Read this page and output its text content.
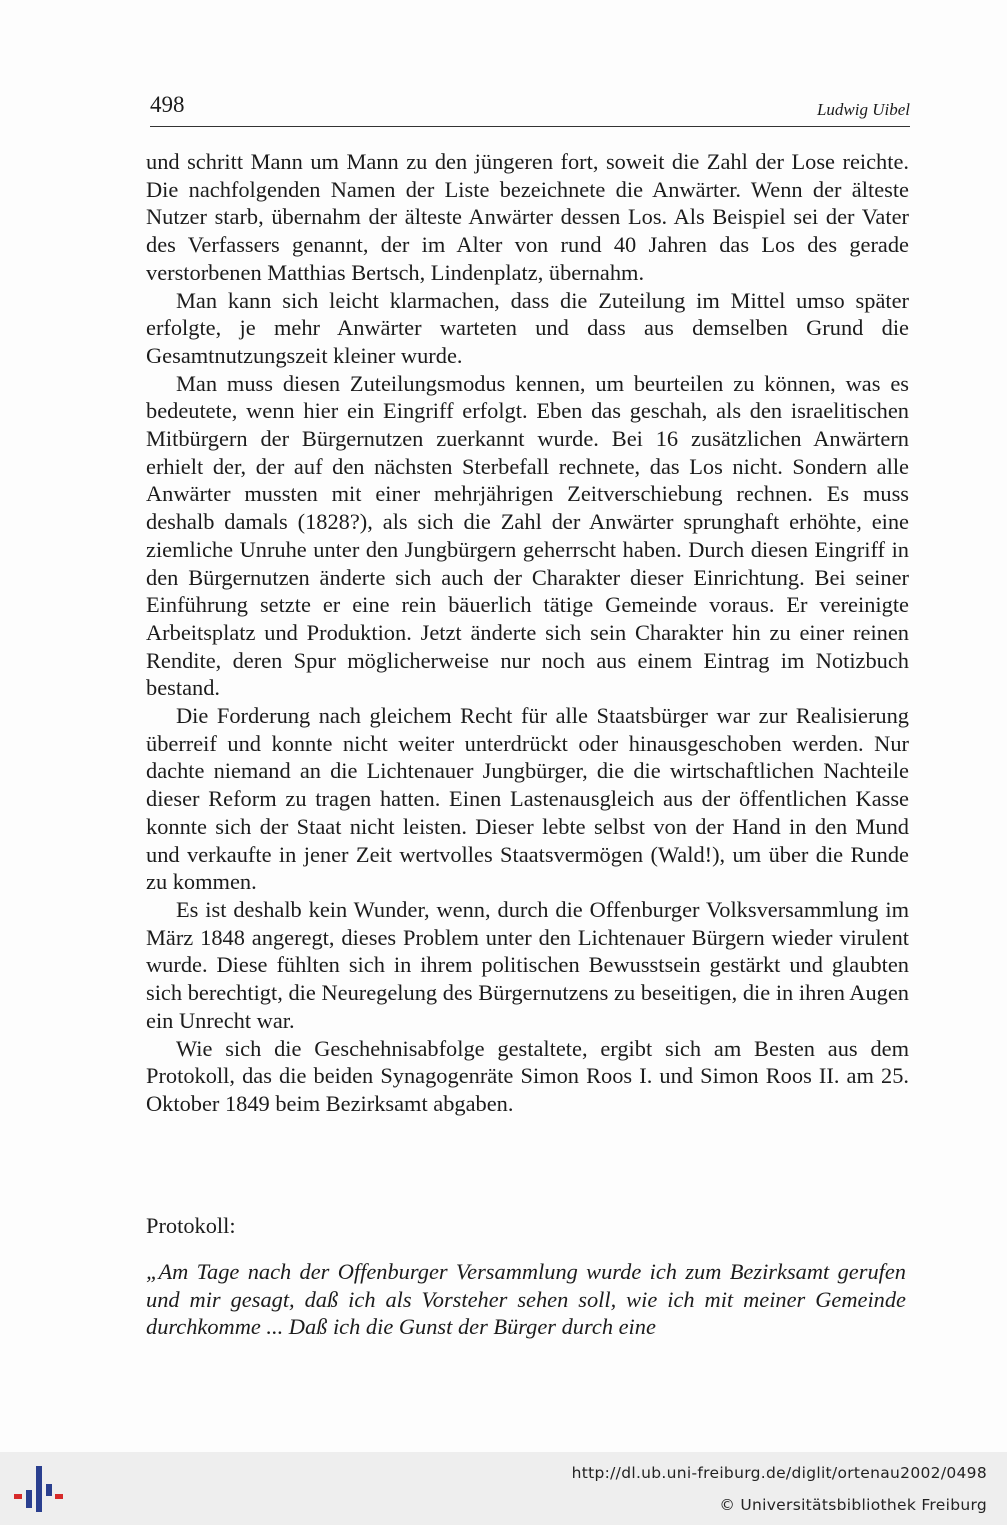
498	Ludwig Uibel

und schritt Mann um Mann zu den jüngeren fort, soweit die Zahl der Lose reichte. Die nachfolgenden Namen der Liste bezeichnete die Anwärter. Wenn der älteste Nutzer starb, übernahm der älteste Anwärter dessen Los. Als Beispiel sei der Vater des Verfassers genannt, der im Alter von rund 40 Jahren das Los des gerade verstorbenen Matthias Bertsch, Lindenplatz, übernahm.

Man kann sich leicht klarmachen, dass die Zuteilung im Mittel umso später erfolgte, je mehr Anwärter warteten und dass aus demselben Grund die Gesamtnutzungszeit kleiner wurde.

Man muss diesen Zuteilungsmodus kennen, um beurteilen zu können, was es bedeutete, wenn hier ein Eingriff erfolgt. Eben das geschah, als den israelitischen Mitbürgern der Bürgernutzen zuerkannt wurde. Bei 16 zusätzlichen Anwärtern erhielt der, der auf den nächsten Sterbefall rechnete, das Los nicht. Sondern alle Anwärter mussten mit einer mehrjährigen Zeitverschiebung rechnen. Es muss deshalb damals (1828?), als sich die Zahl der Anwärter sprunghaft erhöhte, eine ziemliche Unruhe unter den Jungbürgern geherrscht haben. Durch diesen Eingriff in den Bürgernutzen änderte sich auch der Charakter dieser Einrichtung. Bei seiner Einführung setzte er eine rein bäuerlich tätige Gemeinde voraus. Er vereinigte Arbeitsplatz und Produktion. Jetzt änderte sich sein Charakter hin zu einer reinen Rendite, deren Spur möglicherweise nur noch aus einem Eintrag im Notizbuch bestand.

Die Forderung nach gleichem Recht für alle Staatsbürger war zur Realisierung überreif und konnte nicht weiter unterdrückt oder hinausgeschoben werden. Nur dachte niemand an die Lichtenauer Jungbürger, die die wirtschaftlichen Nachteile dieser Reform zu tragen hatten. Einen Lastenausgleich aus der öffentlichen Kasse konnte sich der Staat nicht leisten. Dieser lebte selbst von der Hand in den Mund und verkaufte in jener Zeit wertvolles Staatsvermögen (Wald!), um über die Runde zu kommen.

Es ist deshalb kein Wunder, wenn, durch die Offenburger Volksversammlung im März 1848 angeregt, dieses Problem unter den Lichtenauer Bürgern wieder virulent wurde. Diese fühlten sich in ihrem politischen Bewusstsein gestärkt und glaubten sich berechtigt, die Neuregelung des Bürgernutzens zu beseitigen, die in ihren Augen ein Unrecht war.

Wie sich die Geschehnisabfolge gestaltete, ergibt sich am Besten aus dem Protokoll, das die beiden Synagogenräte Simon Roos I. und Simon Roos II. am 25. Oktober 1849 beim Bezirksamt abgaben.

Protokoll:
„Am Tage nach der Offenburger Versammlung wurde ich zum Bezirksamt gerufen und mir gesagt, daß ich als Vorsteher sehen soll, wie ich mit meiner Gemeinde durchkomme ... Daß ich die Gunst der Bürger durch eine
http://dl.ub.uni-freiburg.de/diglit/ortenau2002/0498
© Universitätsbibliothek Freiburg
